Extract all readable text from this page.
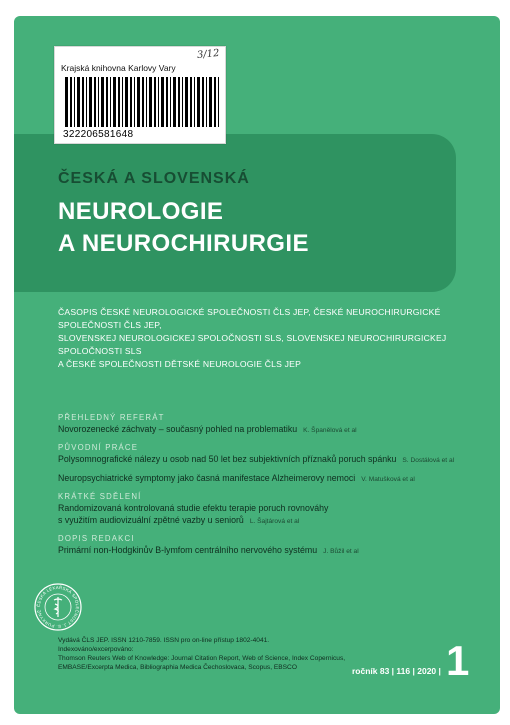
3/12
Krajská knihovna Karlovy Vary
322206581648
ČESKÁ A SLOVENSKÁ
NEUROLOGIE
A NEUROCHIRURGIE
ČASOPIS ČESKÉ NEUROLOGICKÉ SPOLEČNOSTI ČLS JEP, ČESKÉ NEUROCHIRURGICKÉ SPOLEČNOSTI ČLS JEP,
SLOVENSKEJ NEUROLOGICKEJ SPOLOČNOSTI SLS, SLOVENSKEJ NEUROCHIRURGICKEJ SPOLOČNOSTI SLS
A ČESKÉ SPOLEČNOSTI DĚTSKÉ NEUROLOGIE ČLS JEP
PŘEHLEDNÝ REFERÁT
Novorozenecké záchvaty – současný pohled na problematiku K. Španělová et al
PŮVODNÍ PRÁCE
Polysomnografické nálezy u osob nad 50 let bez subjektivních příznaků poruch spánku S. Dostálová et al
Neuropsychiatrické symptomy jako časná manifestace Alzheimerovy nemoci V. Matušková et al
KRÁTKÉ SDĚLENÍ
Randomizovaná kontrolovaná studie efektu terapie poruch rovnováhy
s využitím audiovizuální zpětné vazby u seniorů L. Šajtárová et al
DOPIS REDAKCI
Primární non-Hodgkinův B-lymfom centrálního nervového systému J. Bůžil et al
ČESKÁ LÉKAŘSKÁ SPOLEČNOST J. E. PURKYNĚ
Vydává ČLS JEP. ISSN 1210-7859. ISSN pro on-line přístup 1802-4041.
Indexováno/excerpováno:
Thomson Reuters Web of Knowledge: Journal Citation Report, Web of Science, Index Copernicus,
EMBASE/Excerpta Medica, Bibliographia Medica Čechoslovaca, Scopus, EBSCO	ročník 83 | 116 | 2020 | 1
